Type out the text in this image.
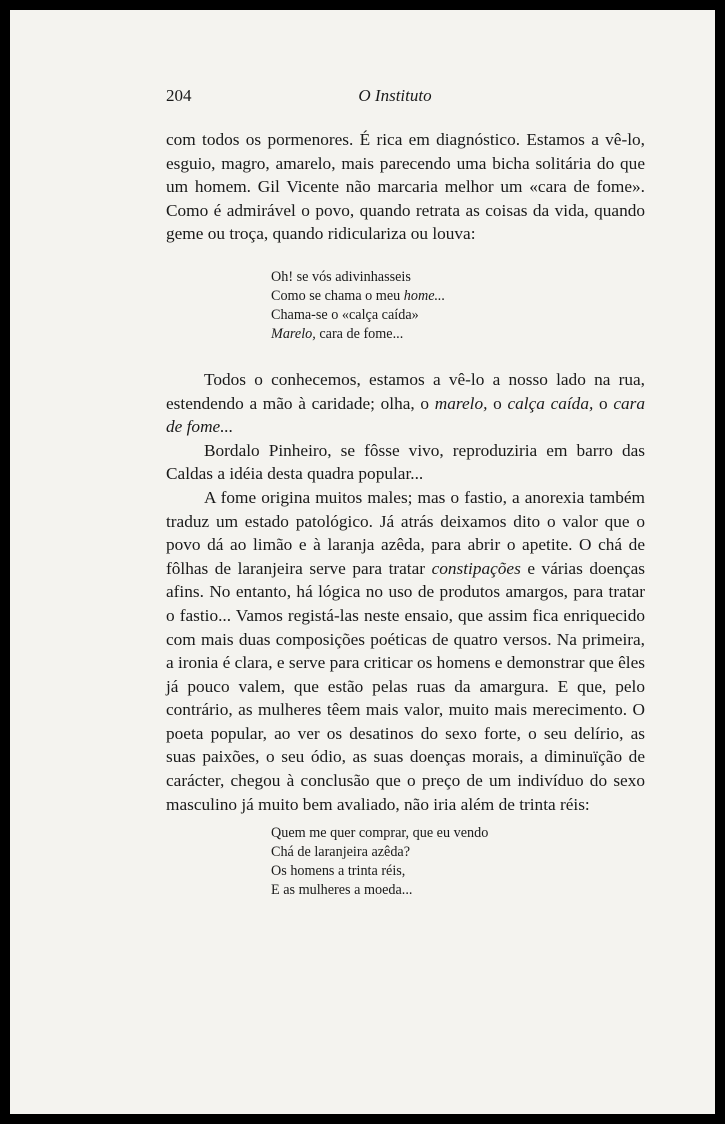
204	O Instituto

com todos os pormenores. É rica em diagnóstico. Estamos a vê-lo, esguio, magro, amarelo, mais parecendo uma bicha solitária do que um homem. Gil Vicente não marcaria melhor um «cara de fome». Como é admirável o povo, quando retrata as coisas da vida, quando geme ou troça, quando ridiculariza ou louva:

Oh! se vós adivinhasseis
Como se chama o meu home...
Chama-se o «calça caída»
Marelo, cara de fome...

Todos o conhecemos, estamos a vê-lo a nosso lado na rua, estendendo a mão à caridade; olha, o marelo, o calça caída, o cara de fome...

Bordalo Pinheiro, se fôsse vivo, reproduziria em barro das Caldas a idéia desta quadra popular...

A fome origina muitos males; mas o fastio, a anorexia também traduz um estado patológico. Já atrás deixamos dito o valor que o povo dá ao limão e à laranja azêda, para abrir o apetite. O chá de fôlhas de laranjeira serve para tratar constipações e várias doenças afins. No entanto, há lógica no uso de produtos amargos, para tratar o fastio... Vamos registá-las neste ensaio, que assim fica enriquecido com mais duas composições poéticas de quatro versos. Na primeira, a ironia é clara, e serve para criticar os homens e demonstrar que êles já pouco valem, que estão pelas ruas da amargura. E que, pelo contrário, as mulheres têem mais valor, muito mais merecimento. O poeta popular, ao ver os desatinos do sexo forte, o seu delírio, as suas paixões, o seu ódio, as suas doenças morais, a diminuïção de carácter, chegou à conclusão que o preço de um indivíduo do sexo masculino já muito bem avaliado, não iria além de trinta réis:

Quem me quer comprar, que eu vendo
Chá de laranjeira azêda?
Os homens a trinta réis,
E as mulheres a moeda...
